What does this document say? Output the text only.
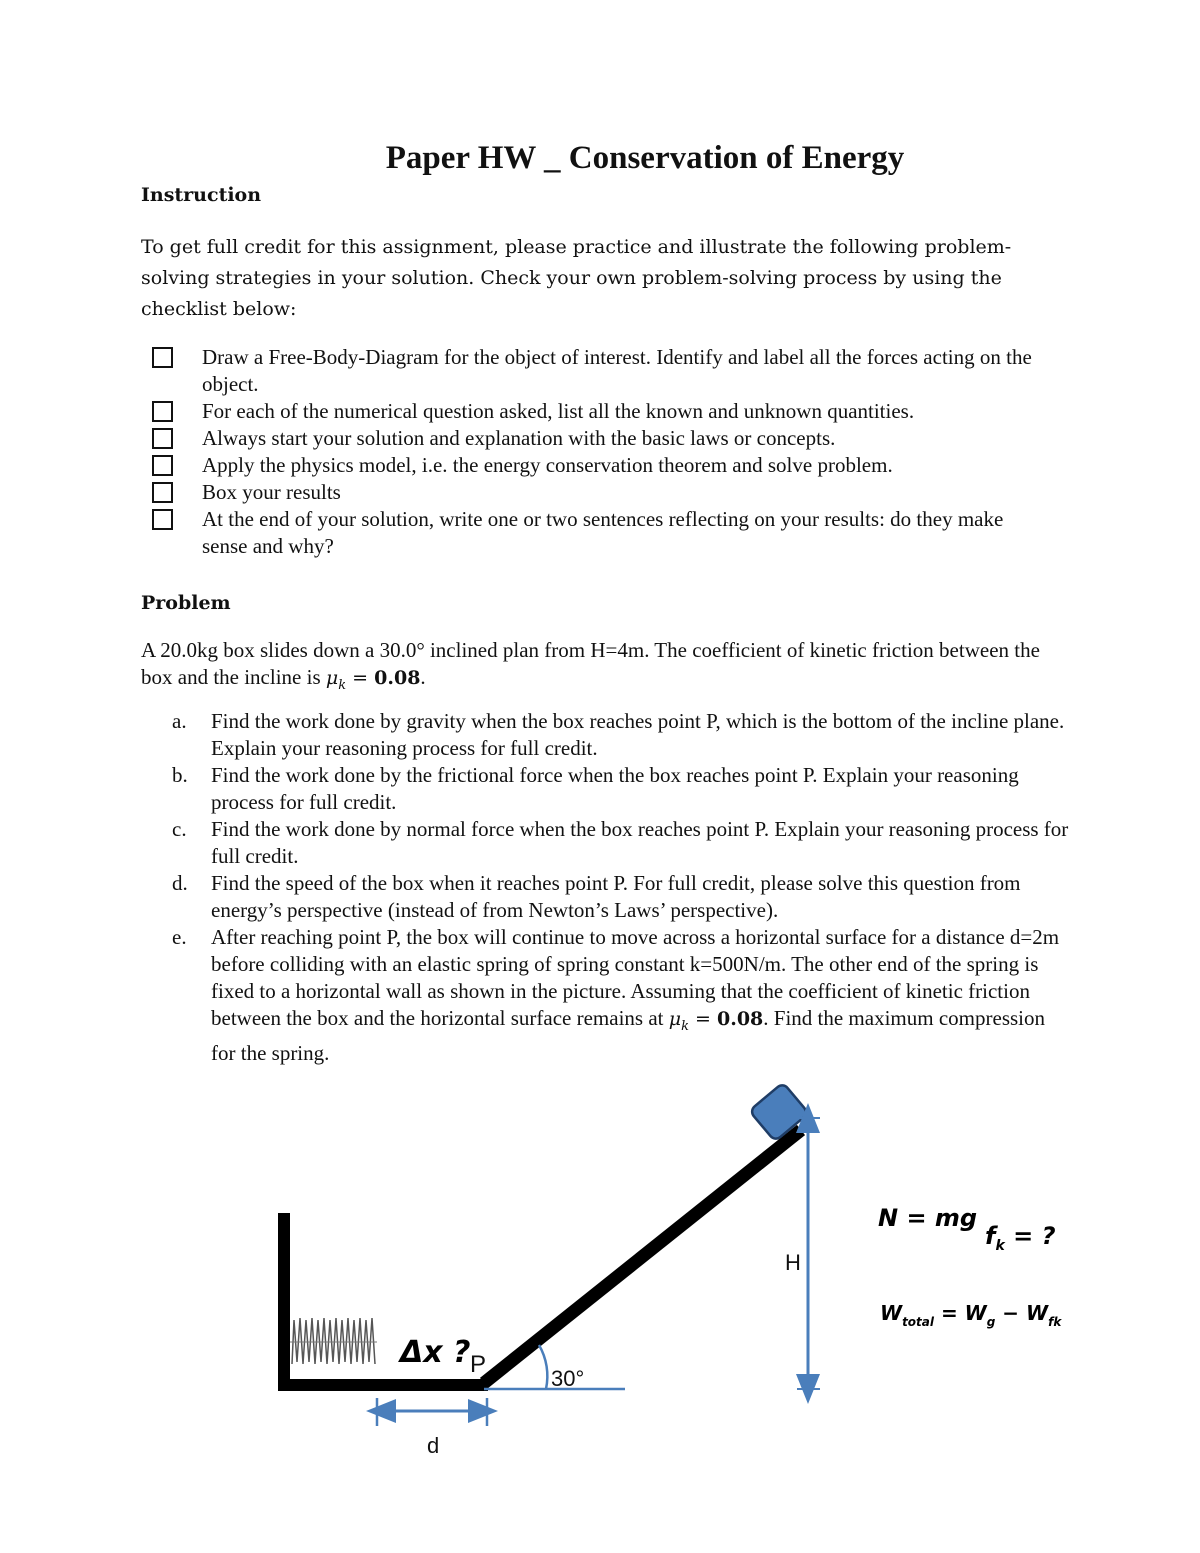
Paper HW _ Conservation of Energy
Instruction
To get full credit for this assignment, please practice and illustrate the following problem-solving strategies in your solution. Check your own problem-solving process by using the checklist below:
Draw a Free-Body-Diagram for the object of interest. Identify and label all the forces acting on the object.
For each of the numerical question asked, list all the known and unknown quantities.
Always start your solution and explanation with the basic laws or concepts.
Apply the physics model, i.e. the energy conservation theorem and solve problem.
Box your results
At the end of your solution, write one or two sentences reflecting on your results: do they make sense and why?
Problem
A 20.0kg box slides down a 30.0° inclined plan from H=4m. The coefficient of kinetic friction between the box and the incline is $\mu_k = 0.08$.
a.	Find the work done by gravity when the box reaches point P, which is the bottom of the incline plane. Explain your reasoning process for full credit.
b.	Find the work done by the frictional force when the box reaches point P. Explain your reasoning process for full credit.
c.	Find the work done by normal force when the box reaches point P. Explain your reasoning process for full credit.
d.	Find the speed of the box when it reaches point P. For full credit, please solve this question from energy’s perspective (instead of from Newton’s Laws’ perspective).
e.	After reaching point P, the box will continue to move across a horizontal surface for a distance d=2m before colliding with an elastic spring of spring constant k=500N/m. The other end of the spring is fixed to a horizontal wall as shown in the picture. Assuming that the coefficient of kinetic friction between the box and the horizontal surface remains at $\mu_k = 0.08$. Find the maximum compression for the spring.
30°
P
H
d
Δx ?
N = mg
$f_k$ = ?
$W_{total} = W_g - W_{fk}$
